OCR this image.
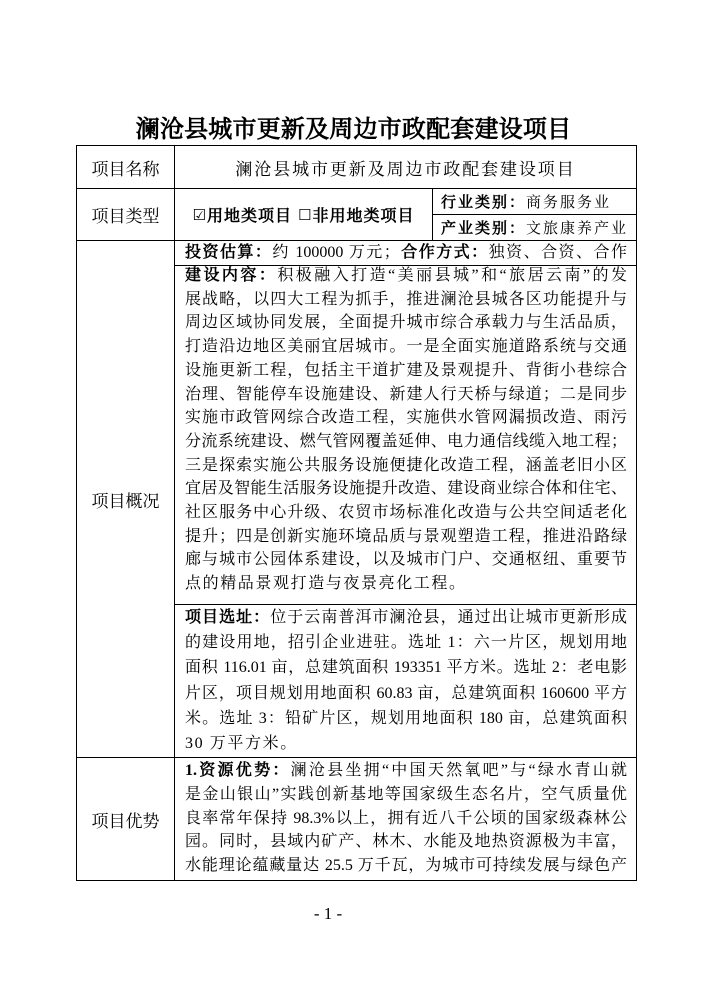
澜沧县城市更新及周边市政配套建设项目
项目名称	澜沧县城市更新及周边市政配套建设项目
项目类型	☑ 用地类项目 ☐ 非用地类项目
行业类别： 商务服务业
产业类别： 文旅康养产业
项目概况
投资估算：约 100000 万元；合作方式：独资、合资、合作
建设内容：积极融入打造“美丽县城”和“旅居云南”的发
展战略，以四大工程为抓手，推进澜沧县城各区功能提升与
周边区域协同发展，全面提升城市综合承载力与生活品质，
打造沿边地区美丽宜居城市。一是全面实施道路系统与交通
设施更新工程，包括主干道扩建及景观提升、背街小巷综合
治理、智能停车设施建设、新建人行天桥与绿道；二是同步
实施市政管网综合改造工程，实施供水管网漏损改造、雨污
分流系统建设、燃气管网覆盖延伸、电力通信线缆入地工程；
三是探索实施公共服务设施便捷化改造工程，涵盖老旧小区
宜居及智能生活服务设施提升改造、建设商业综合体和住宅、
社区服务中心升级、农贸市场标准化改造与公共空间适老化
提升；四是创新实施环境品质与景观塑造工程，推进沿路绿
廊与城市公园体系建设，以及城市门户、交通枢纽、重要节
点的精品景观打造与夜景亮化工程。
项目选址：位于云南普洱市澜沧县，通过出让城市更新形成
的建设用地，招引企业进驻。选址 1：六一片区，规划用地
面积 116.01 亩，总建筑面积 193351 平方米。选址 2：老电影
片区，项目规划用地面积 60.83 亩，总建筑面积 160600 平方
米。选址 3：铅矿片区，规划用地面积 180 亩，总建筑面积
30 万平方米。
项目优势
1.资源优势：澜沧县坐拥“中国天然氧吧”与“绿水青山就
是金山银山”实践创新基地等国家级生态名片，空气质量优
良率常年保持 98.3%以上，拥有近八千公顷的国家级森林公
园。同时，县域内矿产、林木、水能及地热资源极为丰富，
水能理论蕴藏量达 25.5 万千瓦，为城市可持续发展与绿色产
- 1 -
